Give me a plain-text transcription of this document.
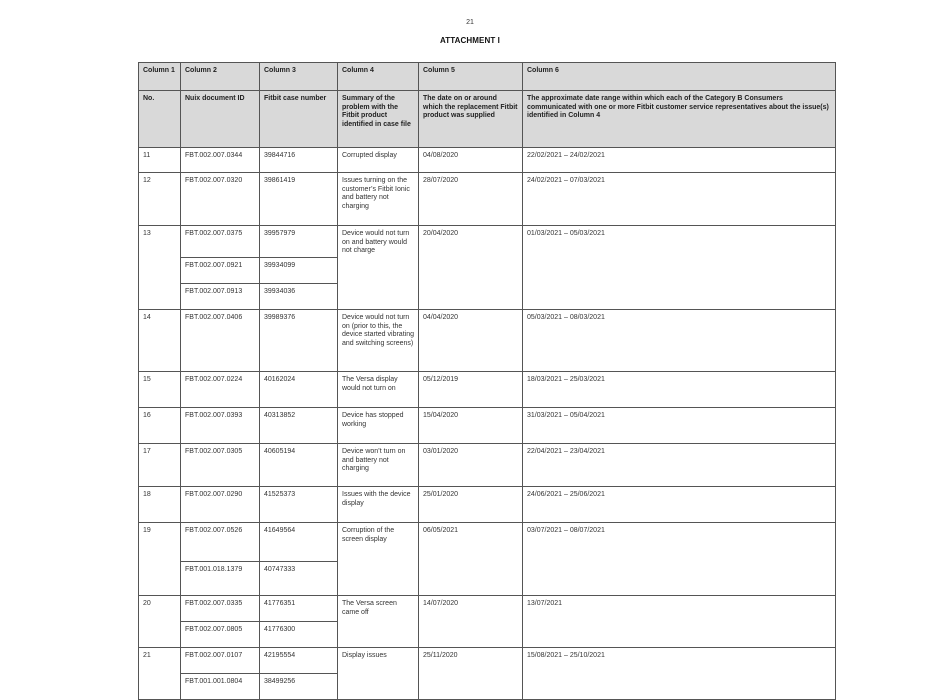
21
ATTACHMENT I
Column 1	Column 2	Column 3	Column 4	Column 5	Column 6
No.	Nuix document ID	Fitbit case number	Summary of the problem with the Fitbit product identified in case file	The date on or around which the replacement Fitbit product was supplied	The approximate date range within which each of the Category B Consumers communicated with one or more Fitbit customer service representatives about the issue(s) identified in Column 4
11	FBT.002.007.0344	39844716	Corrupted display	04/08/2020	22/02/2021 – 24/02/2021
12	FBT.002.007.0320	39861419	Issues turning on the customer’s Fitbit Ionic and battery not charging	28/07/2020	24/02/2021 – 07/03/2021
13	FBT.002.007.0375	39957979	Device would not turn on and battery would not charge	20/04/2020	01/03/2021 – 05/03/2021
	FBT.002.007.0921	39934099			
	FBT.002.007.0913	39934036			
14	FBT.002.007.0406	39989376	Device would not turn on (prior to this, the device started vibrating and switching screens)	04/04/2020	05/03/2021 – 08/03/2021
15	FBT.002.007.0224	40162024	The Versa display would not turn on	05/12/2019	18/03/2021 – 25/03/2021
16	FBT.002.007.0393	40313852	Device has stopped working	15/04/2020	31/03/2021 – 05/04/2021
17	FBT.002.007.0305	40605194	Device won’t turn on and battery not charging	03/01/2020	22/04/2021 – 23/04/2021
18	FBT.002.007.0290	41525373	Issues with the device display	25/01/2020	24/06/2021 – 25/06/2021
19	FBT.002.007.0526	41649564	Corruption of the screen display	06/05/2021	03/07/2021 – 08/07/2021
	FBT.001.018.1379	40747333			
20	FBT.002.007.0335	41776351	The Versa screen came off	14/07/2020	13/07/2021
	FBT.002.007.0805	41776300			
21	FBT.002.007.0107	42195554	Display issues	25/11/2020	15/08/2021 – 25/10/2021
	FBT.001.001.0804	38499256			
